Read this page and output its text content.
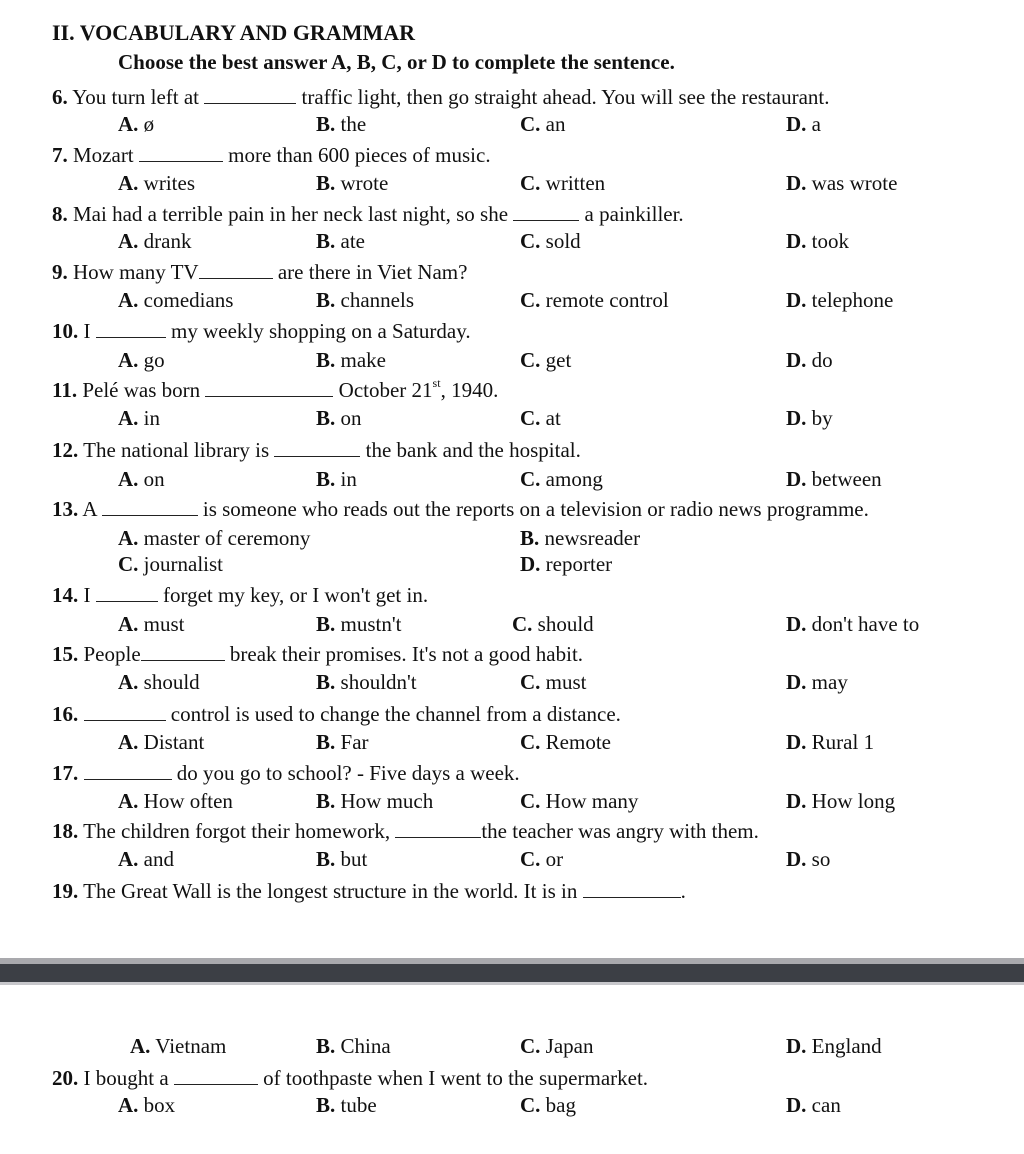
II. VOCABULARY AND GRAMMAR
Choose the best answer A, B, C, or D to complete the sentence.
6. You turn left at	traffic light, then go straight ahead. You will see the restaurant.
A. ø	B. the	C. an	D. a
7. Mozart	more than 600 pieces of music.
A. writes	B. wrote	C. written	D. was wrote
8. Mai had a terrible pain in her neck last night, so she	a painkiller.
A. drank	B. ate	C. sold	D. took
9. How many TV	are there in Viet Nam?
A. comedians	B. channels	C. remote control	D. telephone
10. I	my weekly shopping on a Saturday.
A. go	B. make	C. get	D. do
11. Pelé was born	October 21st, 1940.
A. in	B. on	C. at	D. by
12. The national library is	the bank and the hospital.
A. on	B. in	C. among	D. between
13. A	is someone who reads out the reports on a television or radio news programme.
A. master of ceremony	B. newsreader
C. journalist	D. reporter
14. I	forget my key, or I won't get in.
A. must	B. mustn't	C. should	D. don't have to
15. People	break their promises. It's not a good habit.
A. should	B. shouldn't	C. must	D. may
16.	control is used to change the channel from a distance.
A. Distant	B. Far	C. Remote	D. Rural 1
17.	do you go to school? - Five days a week.
A. How often	B. How much	C. How many	D. How long
18. The children forgot their homework,	the teacher was angry with them.
A. and	B. but	C. or	D. so
19. The Great Wall is the longest structure in the world. It is in	.
A. Vietnam	B. China	C. Japan	D. England
20. I bought a	of toothpaste when I went to the supermarket.
A. box	B. tube	C. bag	D. can
